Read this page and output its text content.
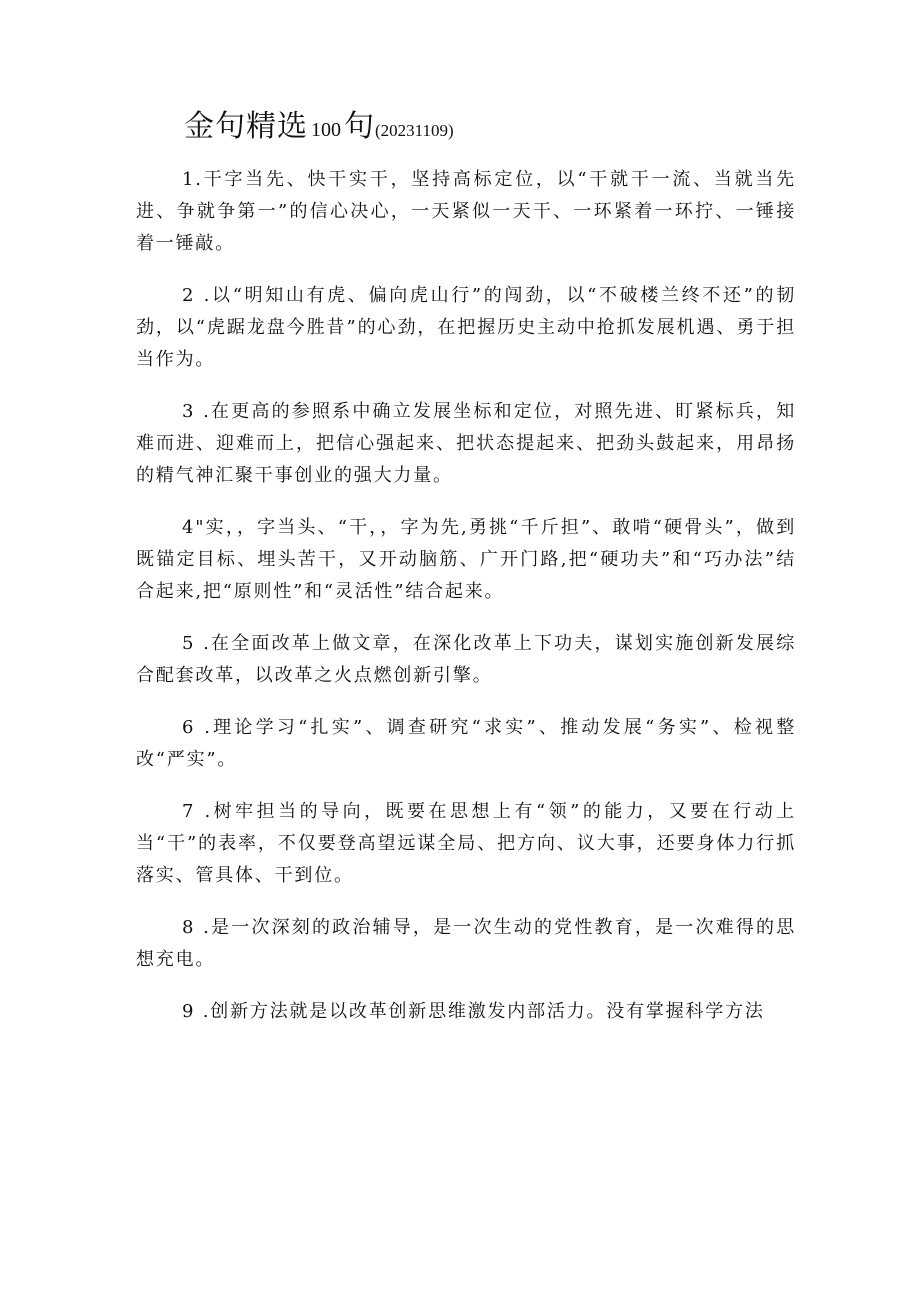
金句精选 100 句(20231109)

1.干字当先、快干实干，坚持高标定位，以“干就干一流、当就当先进、争就争第一”的信心决心，一天紧似一天干、一环紧着一环拧、一锤接着一锤敲。

2 .以“明知山有虎、偏向虎山行”的闯劲，以“不破楼兰终不还”的韧劲，以“虎踞龙盘今胜昔”的心劲，在把握历史主动中抢抓发展机遇、勇于担当作为。

3 .在更高的参照系中确立发展坐标和定位，对照先进、盯紧标兵，知难而进、迎难而上，把信心强起来、把状态提起来、把劲头鼓起来，用昂扬的精气神汇聚干事创业的强大力量。

4"实，，字当头、“干，，字为先,勇挑“千斤担”、敢啃“硬骨头”，做到既锚定目标、埋头苦干，又开动脑筋、广开门路,把“硬功夫”和“巧办法”结合起来,把“原则性”和“灵活性”结合起来。

5 .在全面改革上做文章，在深化改革上下功夫，谋划实施创新发展综合配套改革，以改革之火点燃创新引擎。

6 .理论学习“扎实”、调查研究“求实”、推动发展“务实”、检视整改“严实”。

7 .树牢担当的导向，既要在思想上有“领”的能力，又要在行动上当“干”的表率，不仅要登高望远谋全局、把方向、议大事，还要身体力行抓落实、管具体、干到位。

8 .是一次深刻的政治辅导，是一次生动的党性教育，是一次难得的思想充电。

9 .创新方法就是以改革创新思维激发内部活力。没有掌握科学方法
